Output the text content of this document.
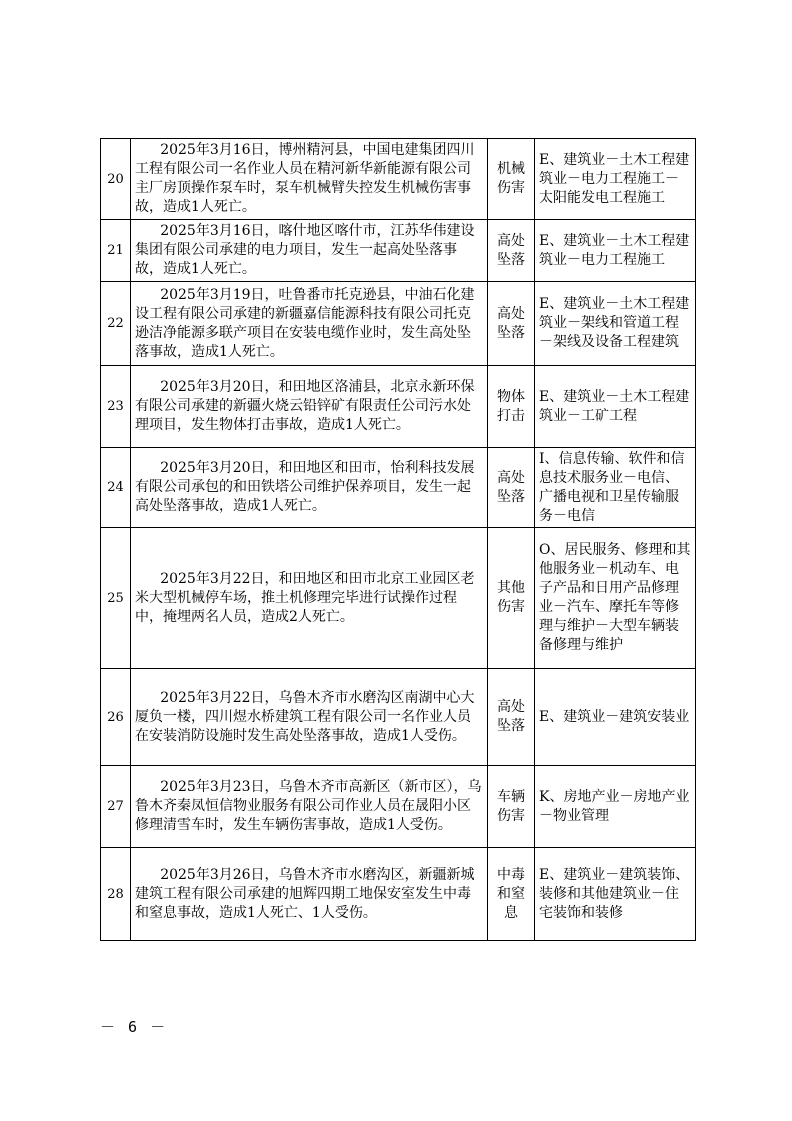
20	2025年3月16日，博州精河县，中国电建集团四川工程有限公司一名作业人员在精河新华新能源有限公司主厂房顶操作泵车时，泵车机械臂失控发生机械伤害事故，造成1人死亡。	机械伤害	E、建筑业－土木工程建筑业－电力工程施工－太阳能发电工程施工
21	2025年3月16日，喀什地区喀什市，江苏华伟建设集团有限公司承建的电力项目，发生一起高处坠落事故，造成1人死亡。	高处坠落	E、建筑业－土木工程建筑业－电力工程施工
22	2025年3月19日，吐鲁番市托克逊县，中油石化建设工程有限公司承建的新疆嘉信能源科技有限公司托克逊洁净能源多联产项目在安装电缆作业时，发生高处坠落事故，造成1人死亡。	高处坠落	E、建筑业－土木工程建筑业－架线和管道工程－架线及设备工程建筑
23	2025年3月20日，和田地区洛浦县，北京永新环保有限公司承建的新疆火烧云铅锌矿有限责任公司污水处理项目，发生物体打击事故，造成1人死亡。	物体打击	E、建筑业－土木工程建筑业－工矿工程
24	2025年3月20日，和田地区和田市，怡利科技发展有限公司承包的和田铁塔公司维护保养项目，发生一起高处坠落事故，造成1人死亡。	高处坠落	I、信息传输、软件和信息技术服务业－电信、广播电视和卫星传输服务－电信
25	2025年3月22日，和田地区和田市北京工业园区老米大型机械停车场，推土机修理完毕进行试操作过程中，掩埋两名人员，造成2人死亡。	其他伤害	O、居民服务、修理和其他服务业－机动车、电子产品和日用产品修理业－汽车、摩托车等修理与维护－大型车辆装备修理与维护
26	2025年3月22日，乌鲁木齐市水磨沟区南湖中心大厦负一楼，四川煜水桥建筑工程有限公司一名作业人员在安装消防设施时发生高处坠落事故，造成1人受伤。	高处坠落	E、建筑业－建筑安装业
27	2025年3月23日，乌鲁木齐市高新区（新市区），乌鲁木齐秦凤恒信物业服务有限公司作业人员在晟阳小区修理清雪车时，发生车辆伤害事故，造成1人受伤。	车辆伤害	K、房地产业－房地产业－物业管理
28	2025年3月26日，乌鲁木齐市水磨沟区，新疆新城建筑工程有限公司承建的旭辉四期工地保安室发生中毒和窒息事故，造成1人死亡、1人受伤。	中毒和窒息	E、建筑业－建筑装饰、装修和其他建筑业－住宅装饰和装修
－ 6 －
